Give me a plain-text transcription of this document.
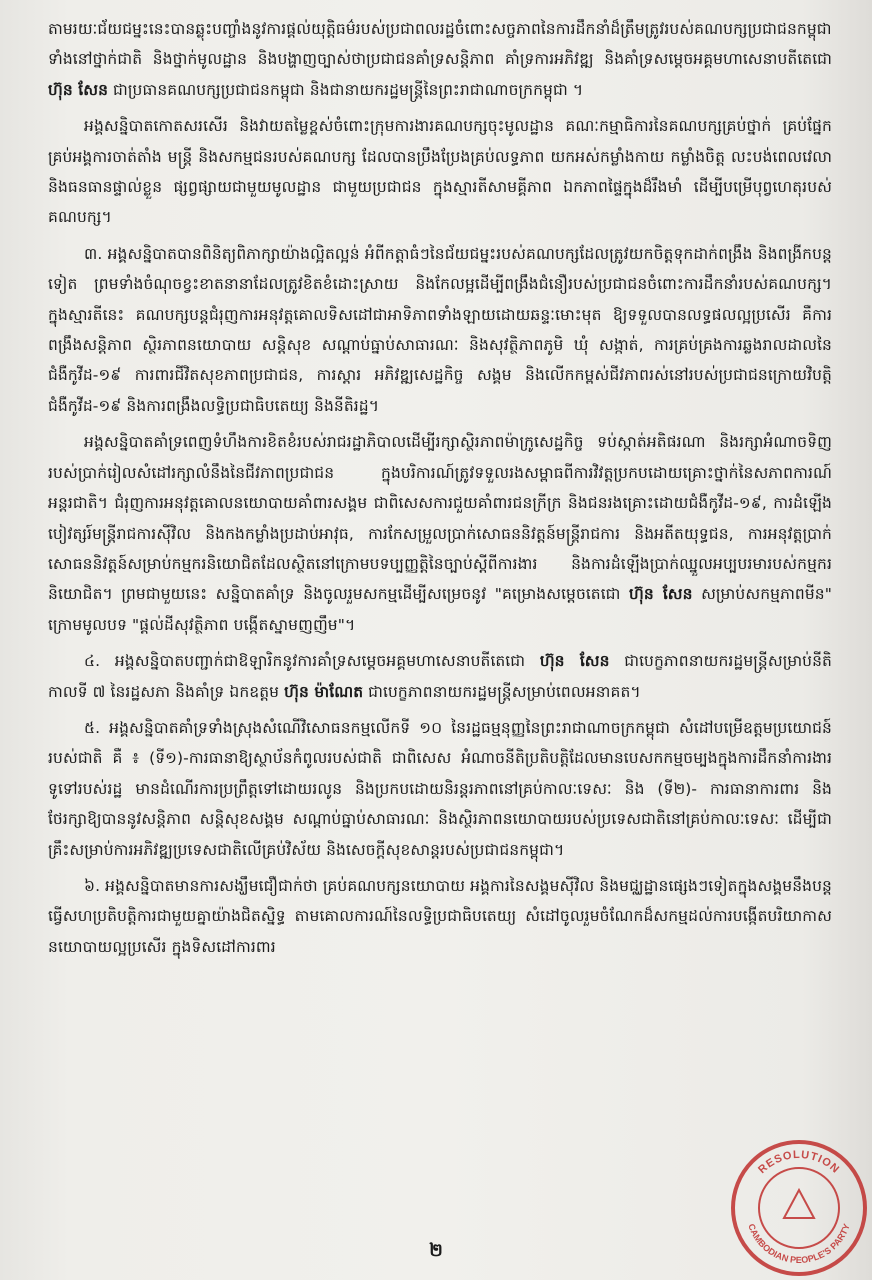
តាមរយៈជ័យជម្នះនេះបានឆ្លុះបញ្ចាំងនូវការផ្តល់យុត្តិធម៌របស់ប្រជាពលរដ្ឋចំពោះសច្ចភាពនៃការដឹកនាំដ៏ត្រឹមត្រូវរបស់គណបក្សប្រជាជនកម្ពុជាទាំងនៅថ្នាក់ជាតិ និងថ្នាក់មូលដ្ឋាន និងបង្ហាញច្បាស់ថាប្រជាជនគាំទ្រសន្តិភាព គាំទ្រការអភិវឌ្ឍ និងគាំទ្រសម្តេចអគ្គមហាសេនាបតីតេជោ ហ៊ុន សែន ជាប្រធានគណបក្សប្រជាជនកម្ពុជា និងជានាយករដ្ឋមន្ត្រីនៃព្រះរាជាណាចក្រកម្ពុជា ។

អង្គសន្និបាតកោតសរសើរ និងវាយតម្លៃខ្ពស់ចំពោះក្រុមការងារគណបក្សចុះមូលដ្ឋាន គណៈកម្មាធិការនៃគណបក្សគ្រប់ថ្នាក់ គ្រប់ផ្នែក គ្រប់អង្គការចាត់តាំង មន្ត្រី និងសកម្មជនរបស់គណបក្ស ដែលបានប្រឹងប្រែងគ្រប់លទ្ធភាព យកអស់កម្លាំងកាយ កម្លាំងចិត្ត លះបង់ពេលវេលា និងធនធានផ្ទាល់ខ្លួន ផ្សព្វផ្សាយជាមួយមូលដ្ឋាន ជាមួយប្រជាជន ក្នុងស្មារតីសាមគ្គីភាព ឯកភាពផ្ទៃក្នុងដ៏រឹងមាំ ដើម្បីបម្រើបុព្វហេតុរបស់គណបក្ស។

៣. អង្គសន្និបាតបានពិនិត្យពិភាក្សាយ៉ាងល្អិតល្អន់ អំពីកត្តាធំៗនៃជ័យជម្នះរបស់គណបក្សដែលត្រូវយកចិត្តទុកដាក់ពង្រឹង និងពង្រីកបន្តទៀត ព្រមទាំងចំណុចខ្វះខាតនានាដែលត្រូវខិតខំដោះស្រាយ និងកែលម្អដើម្បីពង្រឹងជំនឿរបស់ប្រជាជនចំពោះការដឹកនាំរបស់គណបក្ស។ ក្នុងស្មារតីនេះ គណបក្សបន្តជំរុញការអនុវត្តគោលទិសដៅជាអាទិភាពទាំងឡាយដោយឆន្ទៈមោះមុត ឱ្យទទួលបានលទ្ធផលល្អប្រសើរ គឺការពង្រឹងសន្តិភាព ស្ថិរភាពនយោបាយ សន្តិសុខ សណ្តាប់ធ្នាប់សាធារណៈ និងសុវត្ថិភាពភូមិ ឃុំ សង្កាត់, ការគ្រប់គ្រងការឆ្លងរាលដាលនៃជំងឺកូវីដ-១៩ ការពារជីវិតសុខភាពប្រជាជន, ការស្តារ អភិវឌ្ឍសេដ្ឋកិច្ច សង្គម និងលើកកម្ពស់ជីវភាពរស់នៅរបស់ប្រជាជនក្រោយវិបត្តិជំងឺកូវីដ-១៩ និងការពង្រឹងលទ្ធិប្រជាធិបតេយ្យ និងនីតិរដ្ឋ។

អង្គសន្និបាតគាំទ្រពេញទំហឹងការខិតខំរបស់រាជរដ្ឋាភិបាលដើម្បីរក្សាស្ថិរភាពម៉ាក្រូសេដ្ឋកិច្ច ទប់ស្កាត់អតិផរណា និងរក្សាអំណាចទិញរបស់ប្រាក់រៀលសំដៅរក្សាលំនឹងនៃជីវភាពប្រជាជន ក្នុងបរិការណ៍ត្រូវទទួលរងសម្ពាធពីការវិវត្តប្រកបដោយគ្រោះថ្នាក់នៃសភាពការណ៍អន្តរជាតិ។ ជំរុញការអនុវត្តគោលនយោបាយគាំពារសង្គម ជាពិសេសការជួយគាំពារជនក្រីក្រ និងជនរងគ្រោះដោយជំងឺកូវីដ-១៩, ការដំឡើងបៀវត្សរ៍មន្ត្រីរាជការស៊ីវិល និងកងកម្លាំងប្រដាប់អាវុធ, ការកែសម្រួលប្រាក់សោធននិវត្តន៍មន្ត្រីរាជការ និងអតីតយុទ្ធជន, ការអនុវត្តប្រាក់សោធននិវត្តន៍សម្រាប់កម្មករនិយោជិតដែលស្ថិតនៅក្រោមបទប្បញ្ញត្តិនៃច្បាប់ស្តីពីការងារ និងការដំឡើងប្រាក់ឈ្នួលអប្បបរមារបស់កម្មករនិយោជិត។ ព្រមជាមួយនេះ សន្និបាតគាំទ្រ និងចូលរួមសកម្មដើម្បីសម្រេចនូវ "គម្រោងសម្តេចតេជោ ហ៊ុន សែន សម្រាប់សកម្មភាពមីន" ក្រោមមូលបទ "ផ្តល់ដីសុវត្ថិភាព បង្កើតស្នាមញញឹម"។

៤. អង្គសន្និបាតបញ្ជាក់ជាឱឡារិកនូវការគាំទ្រសម្តេចអគ្គមហាសេនាបតីតេជោ ហ៊ុន សែន ជាបេក្ខភាពនាយករដ្ឋមន្ត្រីសម្រាប់នីតិកាលទី ៧ នៃរដ្ឋសភា និងគាំទ្រ ឯកឧត្តម ហ៊ុន ម៉ាណែត ជាបេក្ខភាពនាយករដ្ឋមន្ត្រីសម្រាប់ពេលអនាគត។

៥. អង្គសន្និបាតគាំទ្រទាំងស្រុងសំណើវិសោធនកម្មលើកទី ១០ នៃរដ្ឋធម្មនុញ្ញនៃព្រះរាជាណាចក្រកម្ពុជា សំដៅបម្រើឧត្តមប្រយោជន៍របស់ជាតិ គឺ ៖ (ទី១)-ការធានាឱ្យស្ថាប័នកំពូលរបស់ជាតិ ជាពិសេស អំណាចនីតិប្រតិបត្តិដែលមានបេសកកម្មចម្បងក្នុងការដឹកនាំការងារទូទៅរបស់រដ្ឋ មានដំណើរការប្រព្រឹត្តទៅដោយរលូន និងប្រកបដោយនិរន្តរភាពនៅគ្រប់កាលៈទេសៈ និង (ទី២)- ការធានាការពារ និងថែរក្សាឱ្យបាននូវសន្តិភាព សន្តិសុខសង្គម សណ្តាប់ធ្នាប់សាធារណៈ និងស្ថិរភាពនយោបាយរបស់ប្រទេសជាតិនៅគ្រប់កាលៈទេសៈ ដើម្បីជាគ្រឹះសម្រាប់ការអភិវឌ្ឍប្រទេសជាតិលើគ្រប់វិស័យ និងសេចក្តីសុខសាន្តរបស់ប្រជាជនកម្ពុជា។

៦. អង្គសន្និបាតមានការសង្ឃឹមជឿជាក់ថា គ្រប់គណបក្សនយោបាយ អង្គការនៃសង្គមស៊ីវិល និងមជ្ឈដ្ឋានផ្សេងៗទៀតក្នុងសង្គមនឹងបន្តធ្វើសហប្រតិបត្តិការជាមួយគ្នាយ៉ាងជិតស្និទ្ធ តាមគោលការណ៍នៃលទ្ធិប្រជាធិបតេយ្យ សំដៅចូលរួមចំណែកដ៏សកម្មដល់ការបង្កើតបរិយាកាសនយោបាយល្អប្រសើរ ក្នុងទិសដៅការពារ

២
RESOLUTION
CAMBODIAN PEOPLE'S PARTY
